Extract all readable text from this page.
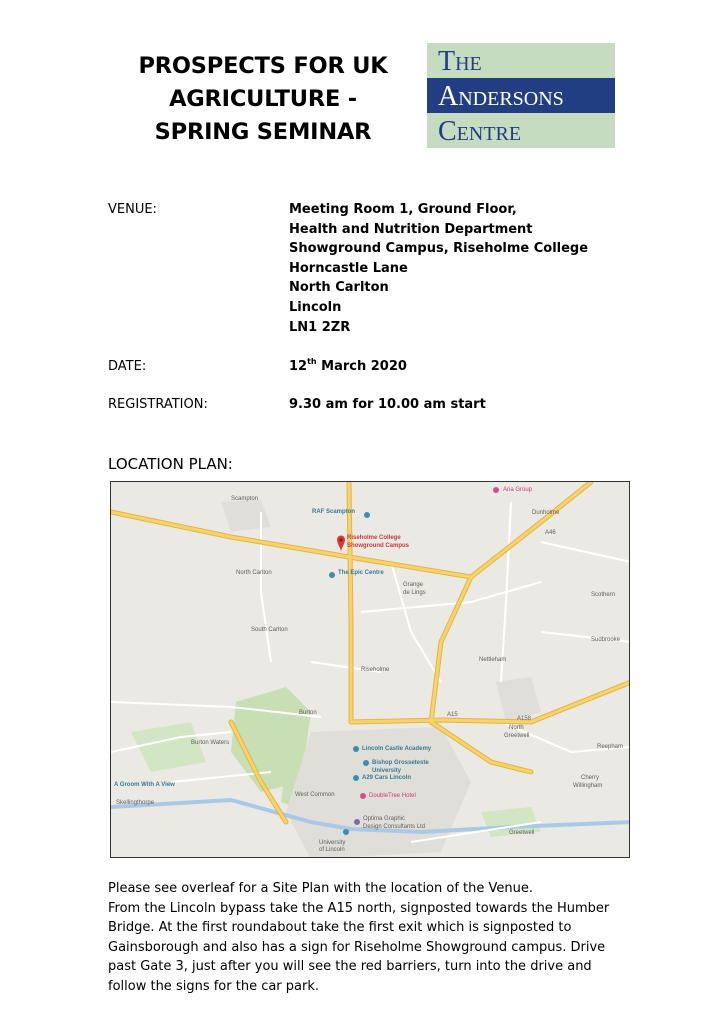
PROSPECTS FOR UK
AGRICULTURE -
SPRING SEMINAR
The
Andersons
Centre
VENUE:	Meeting Room 1, Ground Floor,
Health and Nutrition Department
Showground Campus, Riseholme College
Horncastle Lane
North Carlton
Lincoln
LN1 2ZR
DATE:	12th March 2020
REGISTRATION:	9.30 am for 10.00 am start
LOCATION PLAN:
Scampton
RAF Scampton
Riseholme College
Showground Campus
The Epic Centre
North Carlton
South Carlton
Grange
de Lings
Riseholme
Nettleham
Dunholme
Scothern
Sudbrooke
Burton
Burton Waters
North
Greetwell
Reepham
Cherry
Willingham
Lincoln Castle Academy
Bishop Grosseteste
University
A29 Cars Lincoln
DoubleTree Hotel
West Common
Optima Graphic
Design Consultants Ltd
University
of Lincoln
Greetwell
A Groom With A View
Skellingthorpe
Aria Group
A46
A15
A158
Please see overleaf for a Site Plan with the location of the Venue.
From the Lincoln bypass take the A15 north, signposted towards the Humber
Bridge. At the first roundabout take the first exit which is signposted to
Gainsborough and also has a sign for Riseholme Showground campus. Drive
past Gate 3, just after you will see the red barriers, turn into the drive and
follow the signs for the car park.
